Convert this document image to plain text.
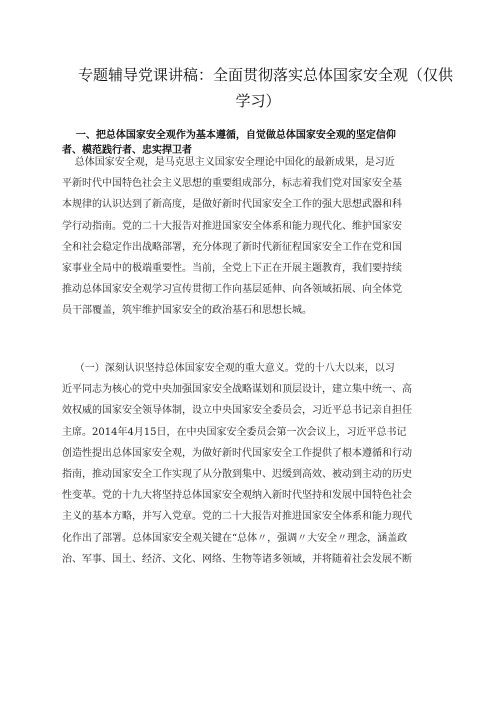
专题辅导党课讲稿：全面贯彻落实总体国家安全观（仅供
学习）
一、把总体国家安全观作为基本遵循，自觉做总体国家安全观的坚定信仰
者、模范践行者、忠实捍卫者
总体国家安全观，是马克思主义国家安全理论中国化的最新成果，是习近
平新时代中国特色社会主义思想的重要组成部分，标志着我们党对国家安全基
本规律的认识达到了新高度，是做好新时代国家安全工作的强大思想武器和科
学行动指南。党的二十大报告对推进国家安全体系和能力现代化、维护国家安
全和社会稳定作出战略部署，充分体现了新时代新征程国家安全工作在党和国
家事业全局中的极端重要性。当前，全党上下正在开展主题教育，我们要持续
推动总体国家安全观学习宣传贯彻工作向基层延伸、向各领域拓展、向全体党
员干部覆盖，筑牢维护国家安全的政治基石和思想长城。
（一）深刻认识坚持总体国家安全观的重大意义。党的十八大以来，以习
近平同志为核心的党中央加强国家安全战略谋划和顶层设计，建立集中统一、高
效权威的国家安全领导体制，设立中央国家安全委员会，习近平总书记亲自担任
主席。2014年4月15日，在中央国家安全委员会第一次会议上，习近平总书记
创造性提出总体国家安全观，为做好新时代国家安全工作提供了根本遵循和行动
指南，推动国家安全工作实现了从分散到集中、迟缓到高效、被动到主动的历史
性变革。党的十九大将坚持总体国家安全观纳入新时代坚持和发展中国特色社会
主义的基本方略，并写入党章。党的二十大报告对推进国家安全体系和能力现代
化作出了部署。总体国家安全观关键在“总体〃，强调〃大安全〃理念，涵盖政
治、军事、国土、经济、文化、网络、生物等诸多领域，并将随着社会发展不断
